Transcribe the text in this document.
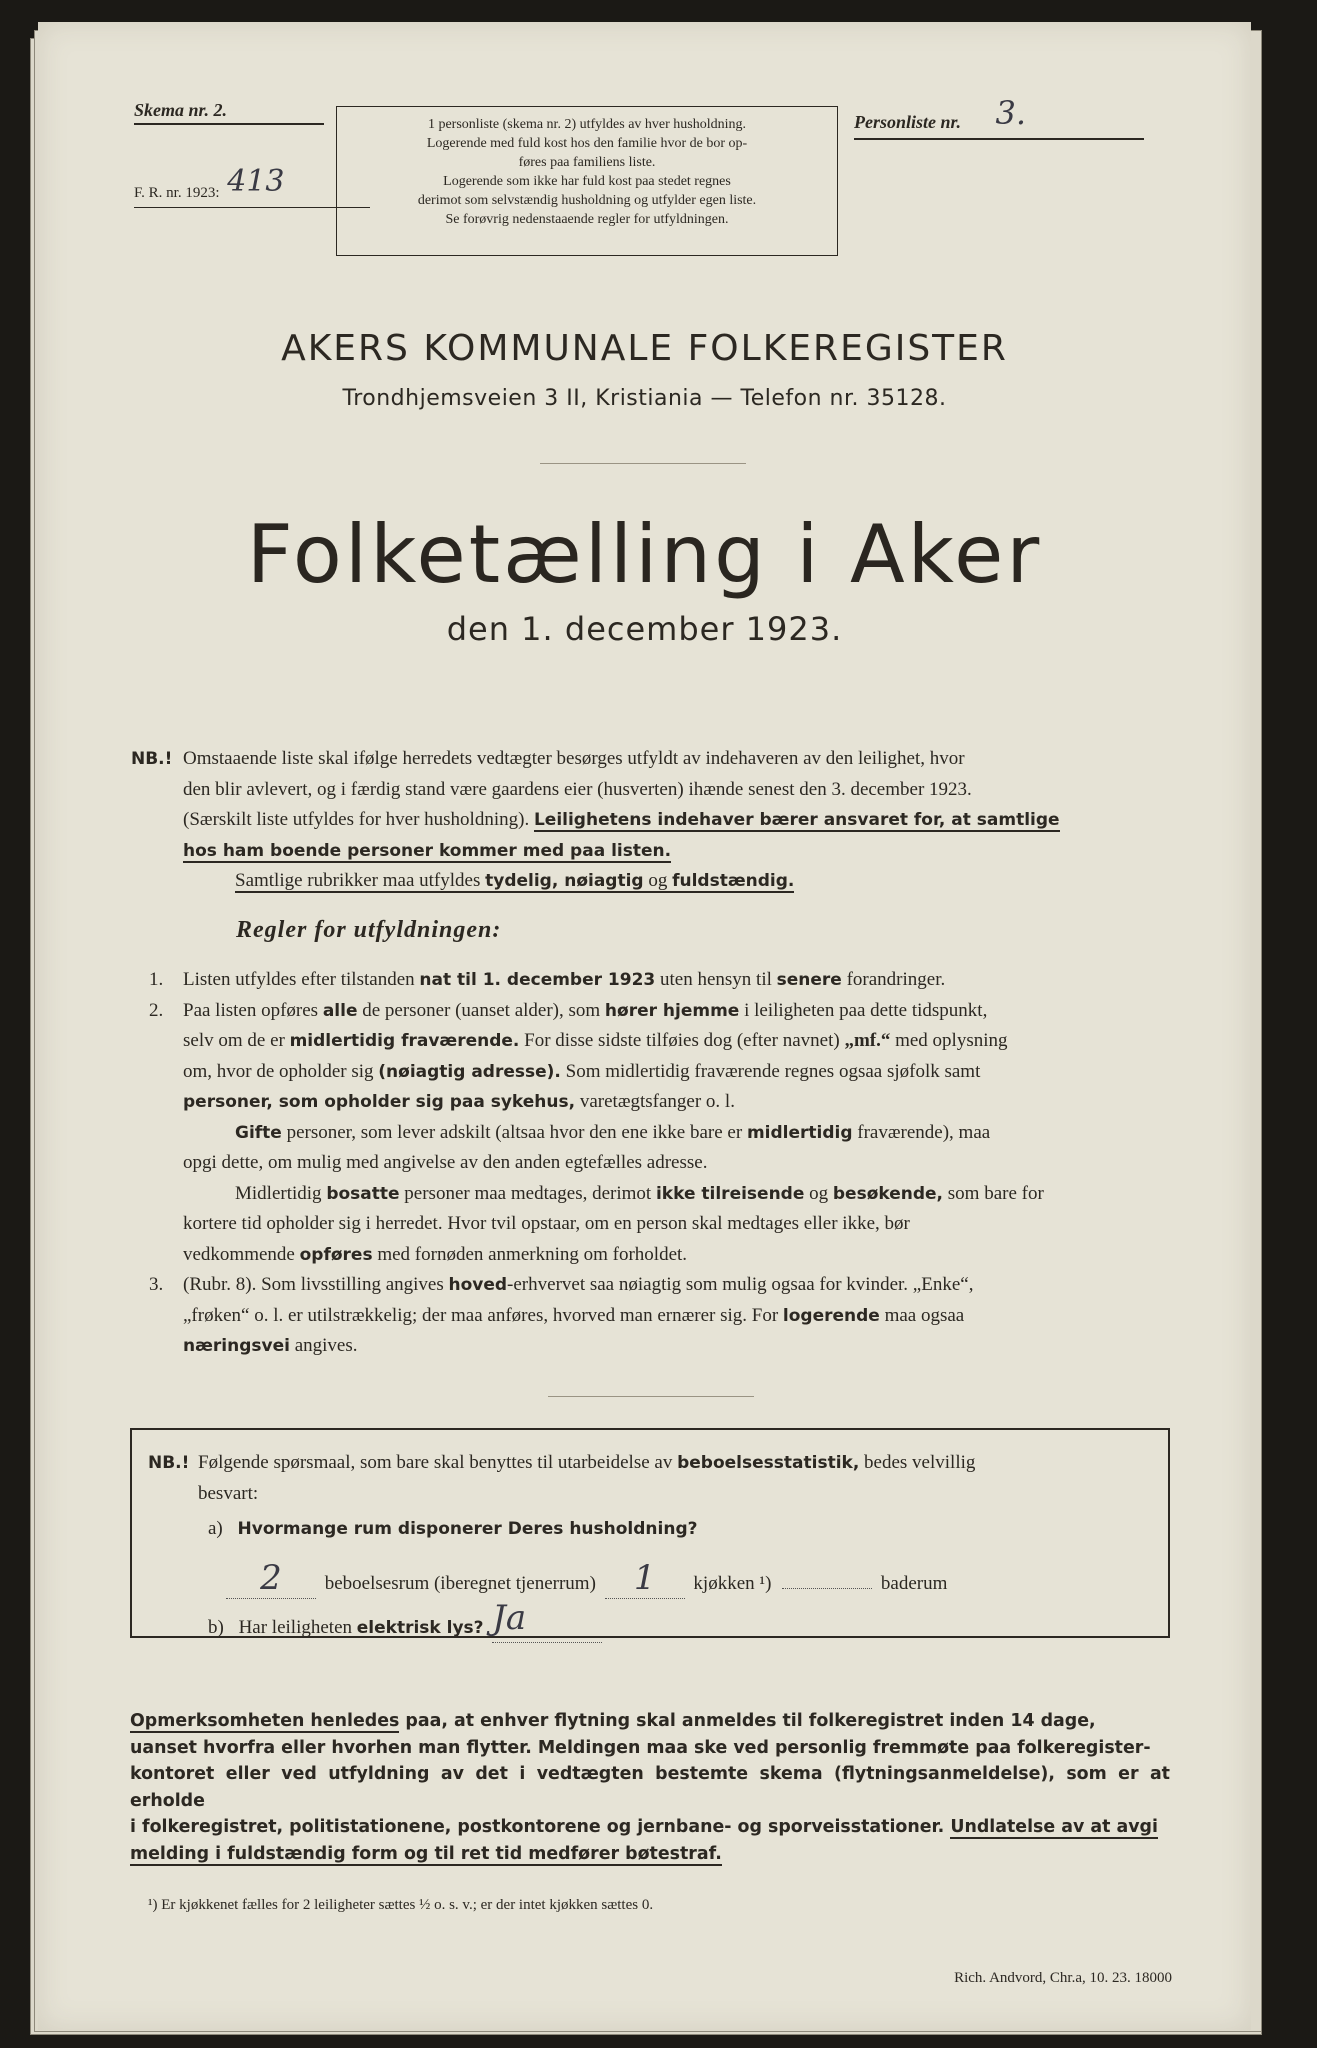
Skema nr. 2.
F. R. nr. 1923: 413
1 personliste (skema nr. 2) utfyldes av hver husholdning.
Logerende med fuld kost hos den familie hvor de bor op-
føres paa familiens liste.
Logerende som ikke har fuld kost paa stedet regnes
derimot som selvstændig husholdning og utfylder egen liste.
Se forøvrig nedenstaaende regler for utfyldningen.
Personliste nr. 3.
AKERS KOMMUNALE FOLKEREGISTER
Trondhjemsveien 3 II, Kristiania — Telefon nr. 35128.
Folketælling i Aker
den 1. december 1923.
NB.! Omstaaende liste skal ifølge herredets vedtægter besørges utfyldt av indehaveren av den leilighet, hvor

den blir avlevert, og i færdig stand være gaardens eier (husverten) ihænde senest den 3. december 1923.

(Særskilt liste utfyldes for hver husholdning). Leilighetens indehaver bærer ansvaret for, at samtlige

hos ham boende personer kommer med paa listen.

Samtlige rubrikker maa utfyldes tydelig, nøiagtig og fuldstændig.

Regler for utfyldningen:

1. Listen utfyldes efter tilstanden nat til 1. december 1923 uten hensyn til senere forandringer.

2. Paa listen opføres alle de personer (uanset alder), som hører hjemme i leiligheten paa dette tidspunkt,

selv om de er midlertidig fraværende. For disse sidste tilføies dog (efter navnet) „mf.“ med oplysning

om, hvor de opholder sig (nøiagtig adresse). Som midlertidig fraværende regnes ogsaa sjøfolk samt

personer, som opholder sig paa sykehus, varetægtsfanger o. l.

Gifte personer, som lever adskilt (altsaa hvor den ene ikke bare er midlertidig fraværende), maa

opgi dette, om mulig med angivelse av den anden egtefælles adresse.

Midlertidig bosatte personer maa medtages, derimot ikke tilreisende og besøkende, som bare for

kortere tid opholder sig i herredet. Hvor tvil opstaar, om en person skal medtages eller ikke, bør

vedkommende opføres med fornøden anmerkning om forholdet.

3. (Rubr. 8). Som livsstilling angives hoved-erhvervet saa nøiagtig som mulig ogsaa for kvinder. „Enke“,

„frøken“ o. l. er utilstrækkelig; der maa anføres, hvorved man ernærer sig. For logerende maa ogsaa

næringsvei angives.

NB.! Følgende spørsmaal, som bare skal benyttes til utarbeidelse av beboelsesstatistik, bedes velvillig

besvart:

a) Hvormange rum disponerer Deres husholdning?
2 beboelsesrum (iberegnet tjenerrum) 1 kjøkken ¹)	baderum
b) Har leiligheten elektrisk lys? Ja
Opmerksomheten henledes paa, at enhver flytning skal anmeldes til folkeregistret inden 14 dage,
uanset hvorfra eller hvorhen man flytter. Meldingen maa ske ved personlig fremmøte paa folkeregister-
kontoret eller ved utfyldning av det i vedtægten bestemte skema (flytningsanmeldelse), som er at erholde
i folkeregistret, politistationene, postkontorene og jernbane- og sporveisstationer. Undlatelse av at avgi
melding i fuldstændig form og til ret tid medfører bøtestraf.
¹) Er kjøkkenet fælles for 2 leiligheter sættes ½ o. s. v.; er der intet kjøkken sættes 0.
Rich. Andvord, Chr.a, 10. 23. 18000
